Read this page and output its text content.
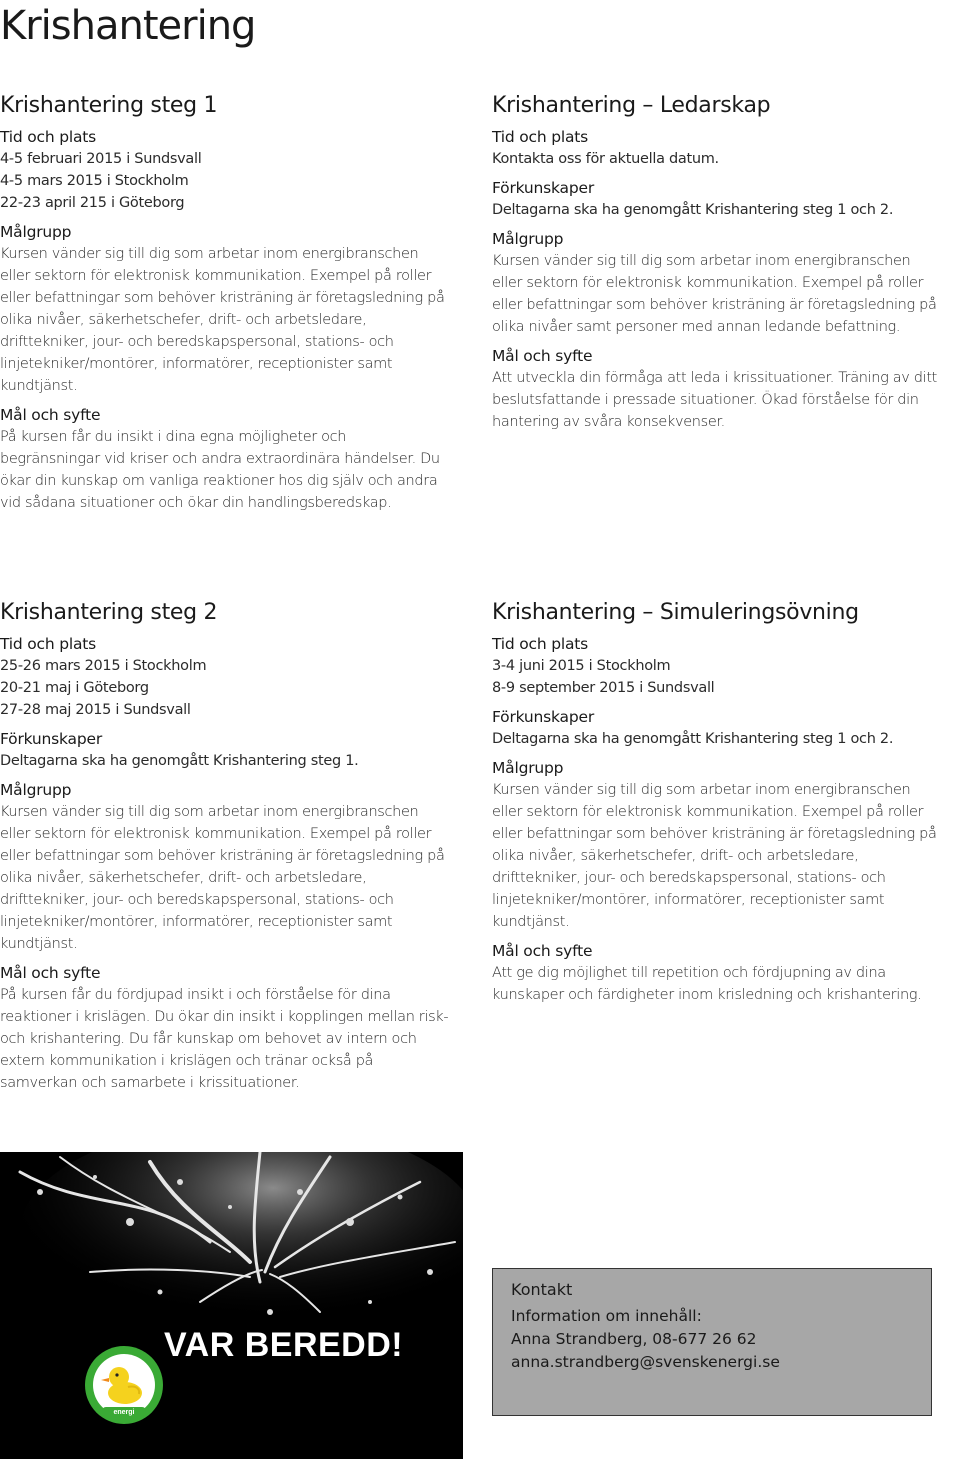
Krishantering
Krishantering steg 1
Tid och plats
4-5 februari 2015 i Sundsvall
4-5 mars 2015 i Stockholm
22-23 april 215 i Göteborg
Målgrupp
Kursen vänder sig till dig som arbetar inom energibranschen eller sektorn för elektronisk kommunikation. Exempel på roller eller befattningar som behöver kristräning är företagsledning på olika nivåer, säkerhetschefer, drift- och arbetsledare, drifttekniker, jour- och beredskapspersonal, stations- och linjetekniker/montörer, informatörer, receptionister samt kundtjänst.
Mål och syfte
På kursen får du insikt i dina egna möjligheter och begränsningar vid kriser och andra extraordinära händelser. Du ökar din kunskap om vanliga reaktioner hos dig själv och andra vid sådana situationer och ökar din handlingsberedskap.
Krishantering – Ledarskap
Tid och plats
Kontakta oss för aktuella datum.
Förkunskaper
Deltagarna ska ha genomgått Krishantering steg 1 och 2.
Målgrupp
Kursen vänder sig till dig som arbetar inom energibranschen eller sektorn för elektronisk kommunikation. Exempel på roller eller befattningar som behöver kristräning är företagsledning på olika nivåer samt personer med annan ledande befattning.
Mål och syfte
Att utveckla din förmåga att leda i krissituationer. Träning av ditt beslutsfattande i pressade situationer. Ökad förståelse för din hantering av svåra konsekvenser.
Krishantering steg 2
Tid och plats
25-26 mars 2015 i Stockholm
20-21 maj i Göteborg
27-28 maj 2015 i Sundsvall
Förkunskaper
Deltagarna ska ha genomgått Krishantering steg 1.
Målgrupp
Kursen vänder sig till dig som arbetar inom energibranschen eller sektorn för elektronisk kommunikation. Exempel på roller eller befattningar som behöver kristräning är företagsledning på olika nivåer, säkerhetschefer, drift- och arbetsledare, drifttekniker, jour- och beredskapspersonal, stations- och linjetekniker/montörer, informatörer, receptionister samt kundtjänst.
Mål och syfte
På kursen får du fördjupad insikt i och förståelse för dina reaktioner i krislägen. Du ökar din insikt i kopplingen mellan risk- och krishantering. Du får kunskap om behovet av intern och extern kommunikation i krislägen och tränar också på samverkan och samarbete i krissituationer.
Krishantering – Simuleringsövning
Tid och plats
3-4 juni 2015 i Stockholm
8-9 september 2015 i Sundsvall
Förkunskaper
Deltagarna ska ha genomgått Krishantering steg 1 och 2.
Målgrupp
Kursen vänder sig till dig som arbetar inom energibranschen eller sektorn för elektronisk kommunikation. Exempel på roller eller befattningar som behöver kristräning är företagsledning på olika nivåer, säkerhetschefer, drift- och arbetsledare, drifttekniker, jour- och beredskapspersonal, stations- och linjetekniker/montörer, informatörer, receptionister samt kundtjänst.
Mål och syfte
Att ge dig möjlighet till repetition och fördjupning av dina kunskaper och färdigheter inom krisledning och krishantering.
VAR BEREDD!
energi
Kontakt
Information om innehåll:
Anna Strandberg, 08-677 26 62
anna.strandberg@svenskenergi.se
